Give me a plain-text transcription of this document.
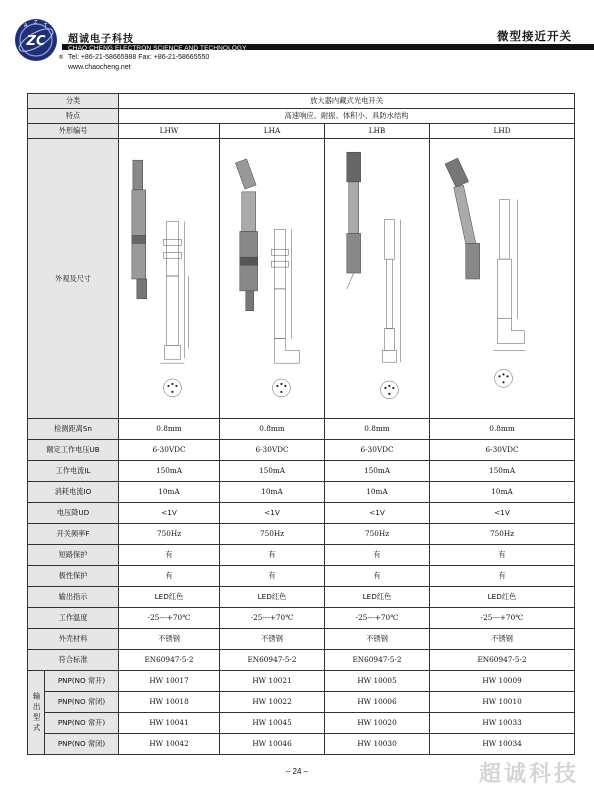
ZC
A Z T
®
超诚电子科技
CHAO CHENG ELECTRON SCIENCE AND TECHNOLOGY
Tel: +86-21-58665988 Fax: +86-21-58665550
www.chaocheng.net
微型接近开关
分类		放大器内藏式光电开关			
特点		高速响应、耐振、体积小、具防水结构			
外形编号		LHW	LHA	LHB	LHD
外观及尺寸	

检测距离Sn		0.8mm	0.8mm	0.8mm	0.8mm
额定工作电压UB		6-30VDC	6-30VDC	6-30VDC	6-30VDC
工作电流IL		150mA	150mA	150mA	150mA
消耗电流IO		10mA	10mA	10mA	10mA
电压降UD		<1V	<1V	<1V	<1V
开关频率F		750Hz	750Hz	750Hz	750Hz
短路保护		有	有	有	有
极性保护		有	有	有	有
输出指示		LED红色	LED红色	LED红色	LED红色
工作温度		-25---+70℃	-25---+70℃	-25---+70℃	-25---+70℃
外壳材料		不锈钢	不锈钢	不锈钢	不锈钢
符合标准		EN60947-5-2	EN60947-5-2	EN60947-5-2	EN60947-5-2
输出型式	PNP(NO 常开)	HW 10017	HW 10021	HW 10005	HW 10009
	PNP(NO 常闭)	HW 10018	HW 10022	HW 10006	HW 10010
	PNP(NO 常开)	HW 10041	HW 10045	HW 10020	HW 10033
	PNP(NO 常闭)	HW 10042	HW 10046	HW 10030	HW 10034
– 24 –	超诚科技
